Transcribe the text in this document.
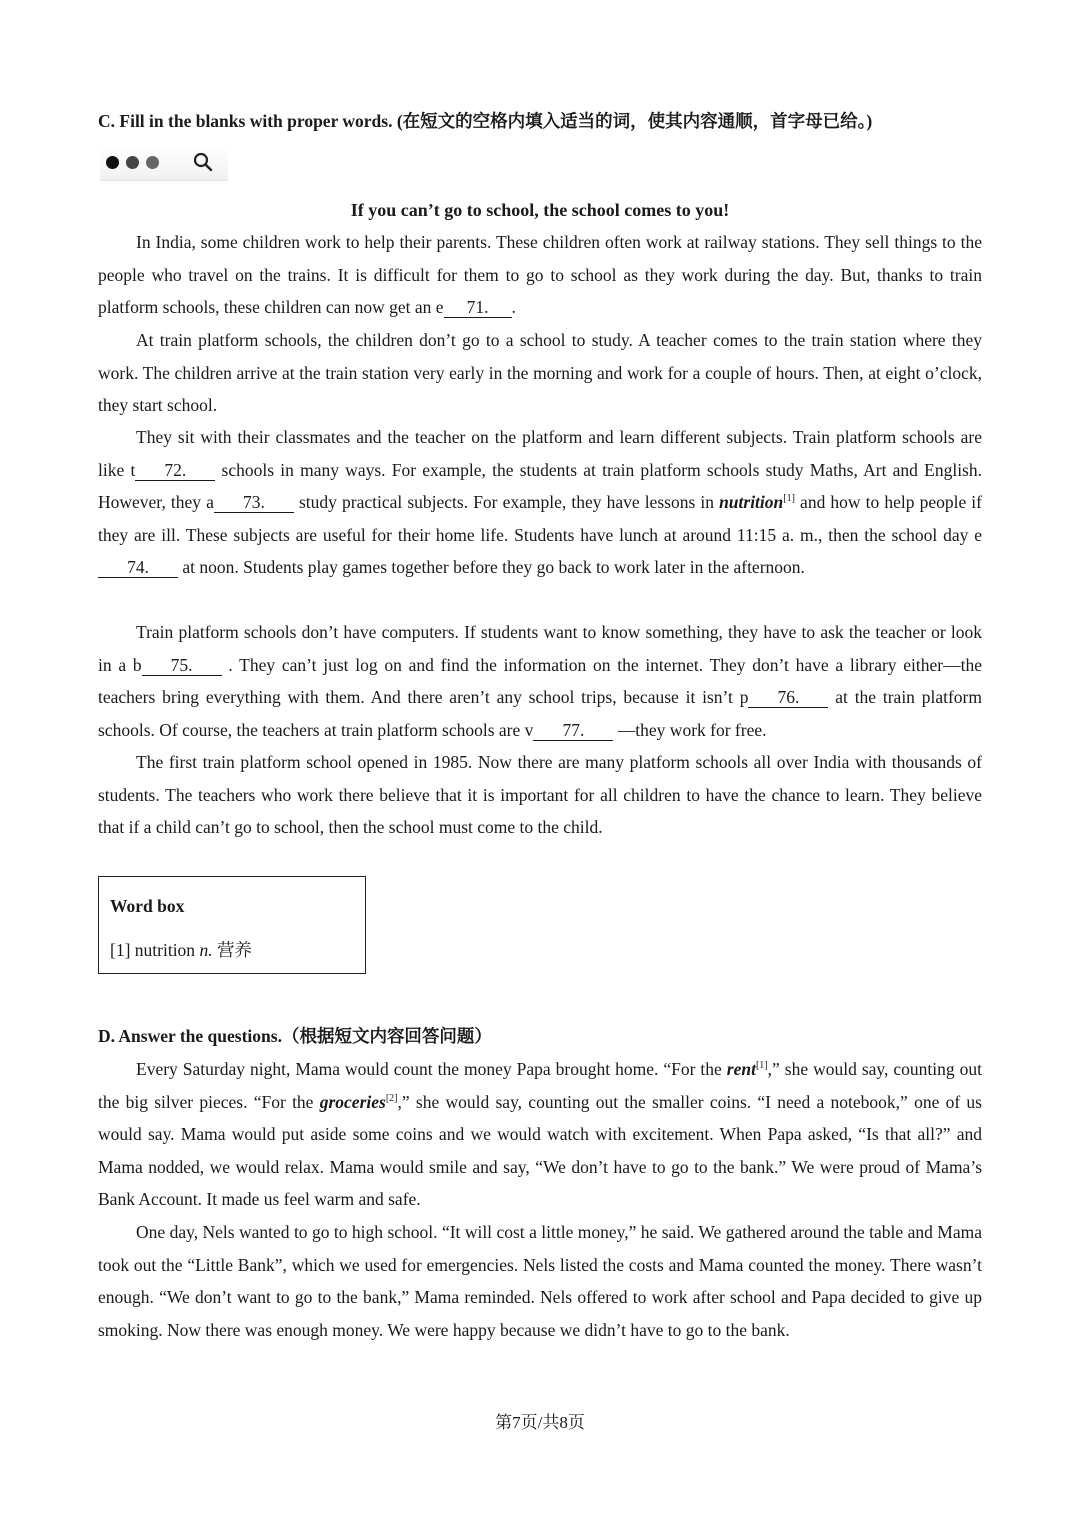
C. Fill in the blanks with proper words. (在短文的空格内填入适当的词，使其内容通顺，首字母已给。)
If you can’t go to school, the school comes to you!

In India, some children work to help their parents. These children often work at railway stations. They sell things to the people who travel on the trains. It is difficult for them to go to school as they work during the day. But, thanks to train platform schools, these children can now get an e 71. .

At train platform schools, the children don’t go to a school to study. A teacher comes to the train station where they work. The children arrive at the train station very early in the morning and work for a couple of hours. Then, at eight o’clock, they start school.

They sit with their classmates and the teacher on the platform and learn different subjects. Train platform schools are like t 72. schools in many ways. For example, the students at train platform schools study Maths, Art and English. However, they a 73. study practical subjects. For example, they have lessons in nutrition[1] and how to help people if they are ill. These subjects are useful for their home life. Students have lunch at around 11:15 a. m., then the school day e74. at noon. Students play games together before they go back to work later in the afternoon.

Train platform schools don’t have computers. If students want to know something, they have to ask the teacher or look in a b 75. . They can’t just log on and find the information on the internet. They don’t have a library either—the teachers bring everything with them. And there aren’t any school trips, because it isn’t p 76. at the train platform schools. Of course, the teachers at train platform schools are v 77. —they work for free.

The first train platform school opened in 1985. Now there are many platform schools all over India with thousands of students. The teachers who work there believe that it is important for all children to have the chance to learn. They believe that if a child can’t go to school, then the school must come to the child.

Word box
[1] nutrition n. 营养
D. Answer the questions.（根据短文内容回答问题）

Every Saturday night, Mama would count the money Papa brought home. “For the rent[1],” she would say, counting out the big silver pieces. “For the groceries[2],” she would say, counting out the smaller coins. “I need a notebook,” one of us would say. Mama would put aside some coins and we would watch with excitement. When Papa asked, “Is that all?” and Mama nodded, we would relax. Mama would smile and say, “We don’t have to go to the bank.” We were proud of Mama’s Bank Account. It made us feel warm and safe.

One day, Nels wanted to go to high school. “It will cost a little money,” he said. We gathered around the table and Mama took out the “Little Bank”, which we used for emergencies. Nels listed the costs and Mama counted the money. There wasn’t enough. “We don’t want to go to the bank,” Mama reminded. Nels offered to work after school and Papa decided to give up smoking. Now there was enough money. We were happy because we didn’t have to go to the bank.

第7页/共8页
